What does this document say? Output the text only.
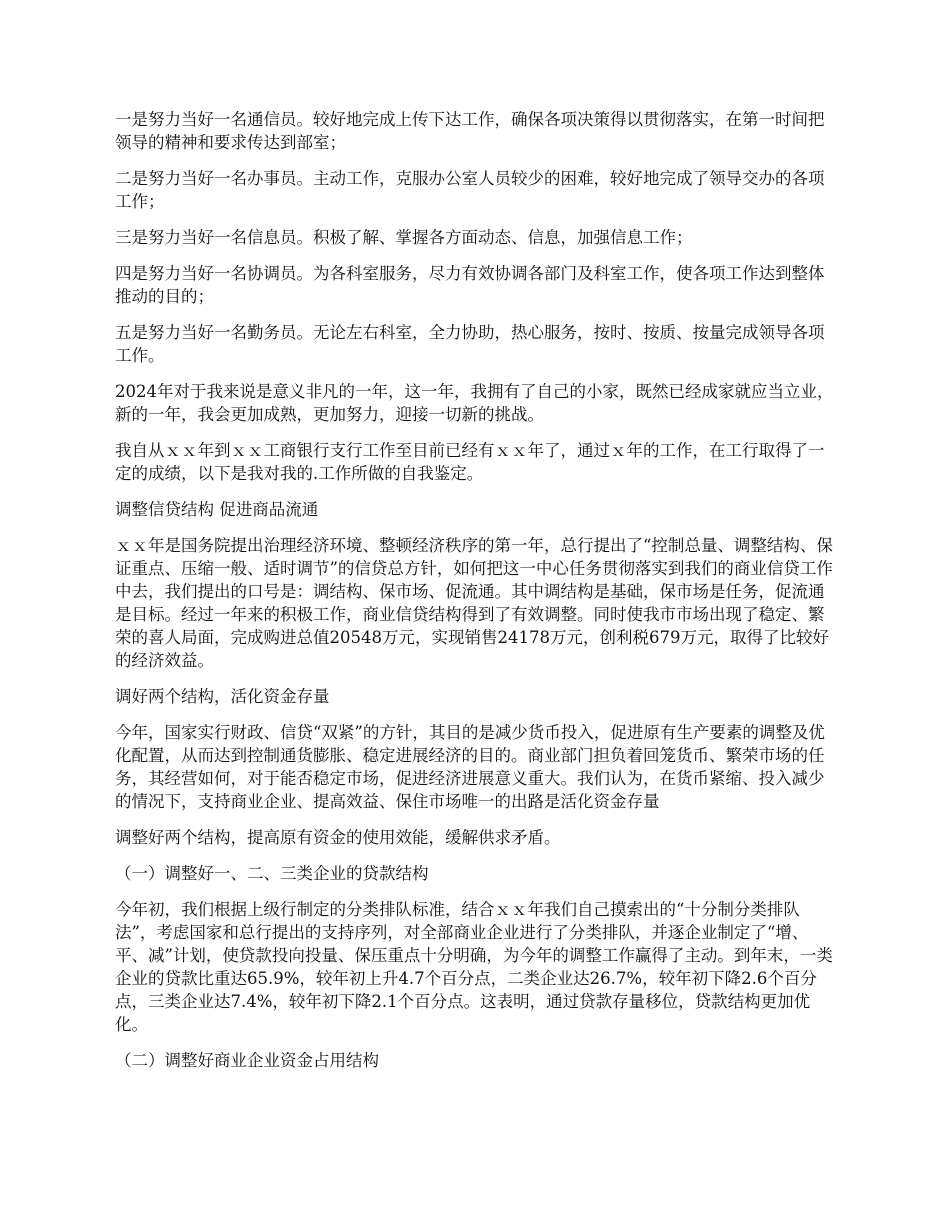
一是努力当好一名通信员。较好地完成上传下达工作，确保各项决策得以贯彻落实，在第一时间把领导的精神和要求传达到部室；

二是努力当好一名办事员。主动工作，克服办公室人员较少的困难，较好地完成了领导交办的各项工作；

三是努力当好一名信息员。积极了解、掌握各方面动态、信息，加强信息工作；

四是努力当好一名协调员。为各科室服务，尽力有效协调各部门及科室工作，使各项工作达到整体推动的目的；

五是努力当好一名勤务员。无论左右科室，全力协助，热心服务，按时、按质、按量完成领导各项工作。

2024年对于我来说是意义非凡的一年，这一年，我拥有了自己的小家，既然已经成家就应当立业，新的一年，我会更加成熟，更加努力，迎接一切新的挑战。

我自从ｘｘ年到ｘｘ工商银行支行工作至目前已经有ｘｘ年了，通过ｘ年的工作，在工行取得了一定的成绩，以下是我对我的.工作所做的自我鉴定。

调整信贷结构 促进商品流通

ｘｘ年是国务院提出治理经济环境、整顿经济秩序的第一年，总行提出了“控制总量、调整结构、保证重点、压缩一般、适时调节”的信贷总方针，如何把这一中心任务贯彻落实到我们的商业信贷工作中去，我们提出的口号是：调结构、保市场、促流通。其中调结构是基础，保市场是任务，促流通是目标。经过一年来的积极工作，商业信贷结构得到了有效调整。同时使我市市场出现了稳定、繁荣的喜人局面，完成购进总值20548万元，实现销售24178万元，创利税679万元，取得了比较好的经济效益。

调好两个结构，活化资金存量

今年，国家实行财政、信贷“双紧”的方针，其目的是减少货币投入，促进原有生产要素的调整及优化配置，从而达到控制通货膨胀、稳定进展经济的目的。商业部门担负着回笼货币、繁荣市场的任务，其经营如何，对于能否稳定市场，促进经济进展意义重大。我们认为，在货币紧缩、投入减少的情况下，支持商业企业、提高效益、保住市场唯一的出路是活化资金存量

调整好两个结构，提高原有资金的使用效能，缓解供求矛盾。

（一）调整好一、二、三类企业的贷款结构

今年初，我们根据上级行制定的分类排队标准，结合ｘｘ年我们自己摸索出的“十分制分类排队法”，考虑国家和总行提出的支持序列，对全部商业企业进行了分类排队，并逐企业制定了“增、平、减”计划，使贷款投向投量、保压重点十分明确，为今年的调整工作赢得了主动。到年末，一类企业的贷款比重达65.9%，较年初上升4.7个百分点，二类企业达26.7%，较年初下降2.6个百分点，三类企业达7.4%，较年初下降2.1个百分点。这表明，通过贷款存量移位，贷款结构更加优化。

（二）调整好商业企业资金占用结构
